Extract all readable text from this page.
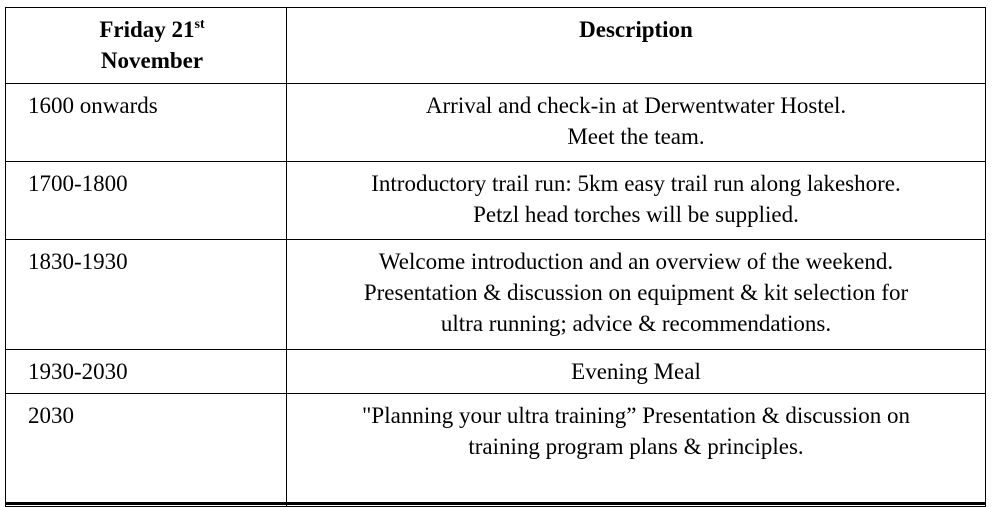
Friday 21st
November	Description
1600 onwards	Arrival and check-in at Derwentwater Hostel.
Meet the team.

1700-1800	Introductory trail run: 5km easy trail run along lakeshore.
Petzl head torches will be supplied.

1830-1930	Welcome introduction and an overview of the weekend.
Presentation & discussion on equipment & kit selection for
ultra running; advice & recommendations.

1930-2030	Evening Meal

2030	"Planning your ultra training” Presentation & discussion on
training program plans & principles.
